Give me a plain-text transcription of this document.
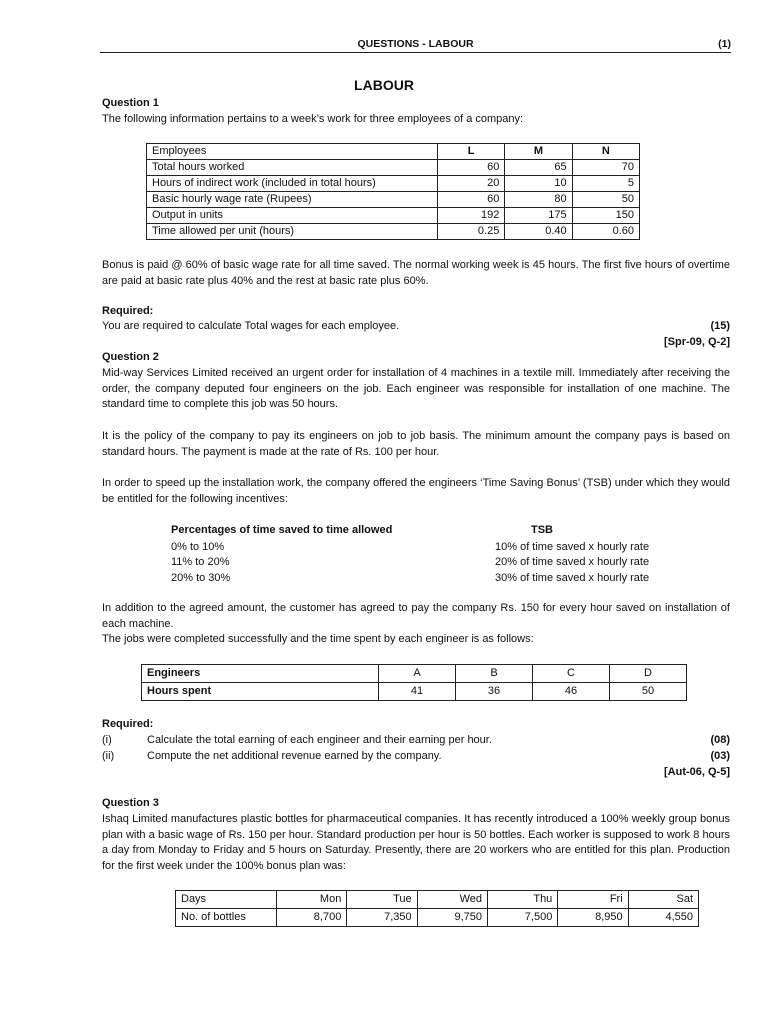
QUESTIONS - LABOUR	(1)
LABOUR
Question 1
The following information pertains to a week’s work for three employees of a company:
Employees	L	M	N
Total hours worked	60	65	70
Hours of indirect work (included in total hours)	20	10	5
Basic hourly wage rate (Rupees)	60	80	50
Output in units	192	175	150
Time allowed per unit (hours)	0.25	0.40	0.60
Bonus is paid @ 60% of basic wage rate for all time saved. The normal working week is 45 hours. The first five hours of overtime are paid at basic rate plus 40% and the rest at basic rate plus 60%.
Required:
You are required to calculate Total wages for each employee.	(15)
[Spr-09, Q-2]
Question 2
Mid-way Services Limited received an urgent order for installation of 4 machines in a textile mill. Immediately after receiving the order, the company deputed four engineers on the job. Each engineer was responsible for installation of one machine. The standard time to complete this job was 50 hours.
It is the policy of the company to pay its engineers on job to job basis. The minimum amount the company pays is based on standard hours. The payment is made at the rate of Rs. 100 per hour.
In order to speed up the installation work, the company offered the engineers ‘Time Saving Bonus’ (TSB) under which they would be entitled for the following incentives:
Percentages of time saved to time allowed	TSB
0% to 10%	10% of time saved x hourly rate
11% to 20%	20% of time saved x hourly rate
20% to 30%	30% of time saved x hourly rate
In addition to the agreed amount, the customer has agreed to pay the company Rs. 150 for every hour saved on installation of each machine.
The jobs were completed successfully and the time spent by each engineer is as follows:
Engineers	A	B	C	D
Hours spent	41	36	46	50
Required:
(i)	Calculate the total earning of each engineer and their earning per hour.	(08)
(ii)	Compute the net additional revenue earned by the company.	(03)
[Aut-06, Q-5]
Question 3
Ishaq Limited manufactures plastic bottles for pharmaceutical companies. It has recently introduced a 100% weekly group bonus plan with a basic wage of Rs. 150 per hour. Standard production per hour is 50 bottles. Each worker is supposed to work 8 hours a day from Monday to Friday and 5 hours on Saturday. Presently, there are 20 workers who are entitled for this plan. Production for the first week under the 100% bonus plan was:
Days	Mon	Tue	Wed	Thu	Fri	Sat
No. of bottles	8,700	7,350	9,750	7,500	8,950	4,550
